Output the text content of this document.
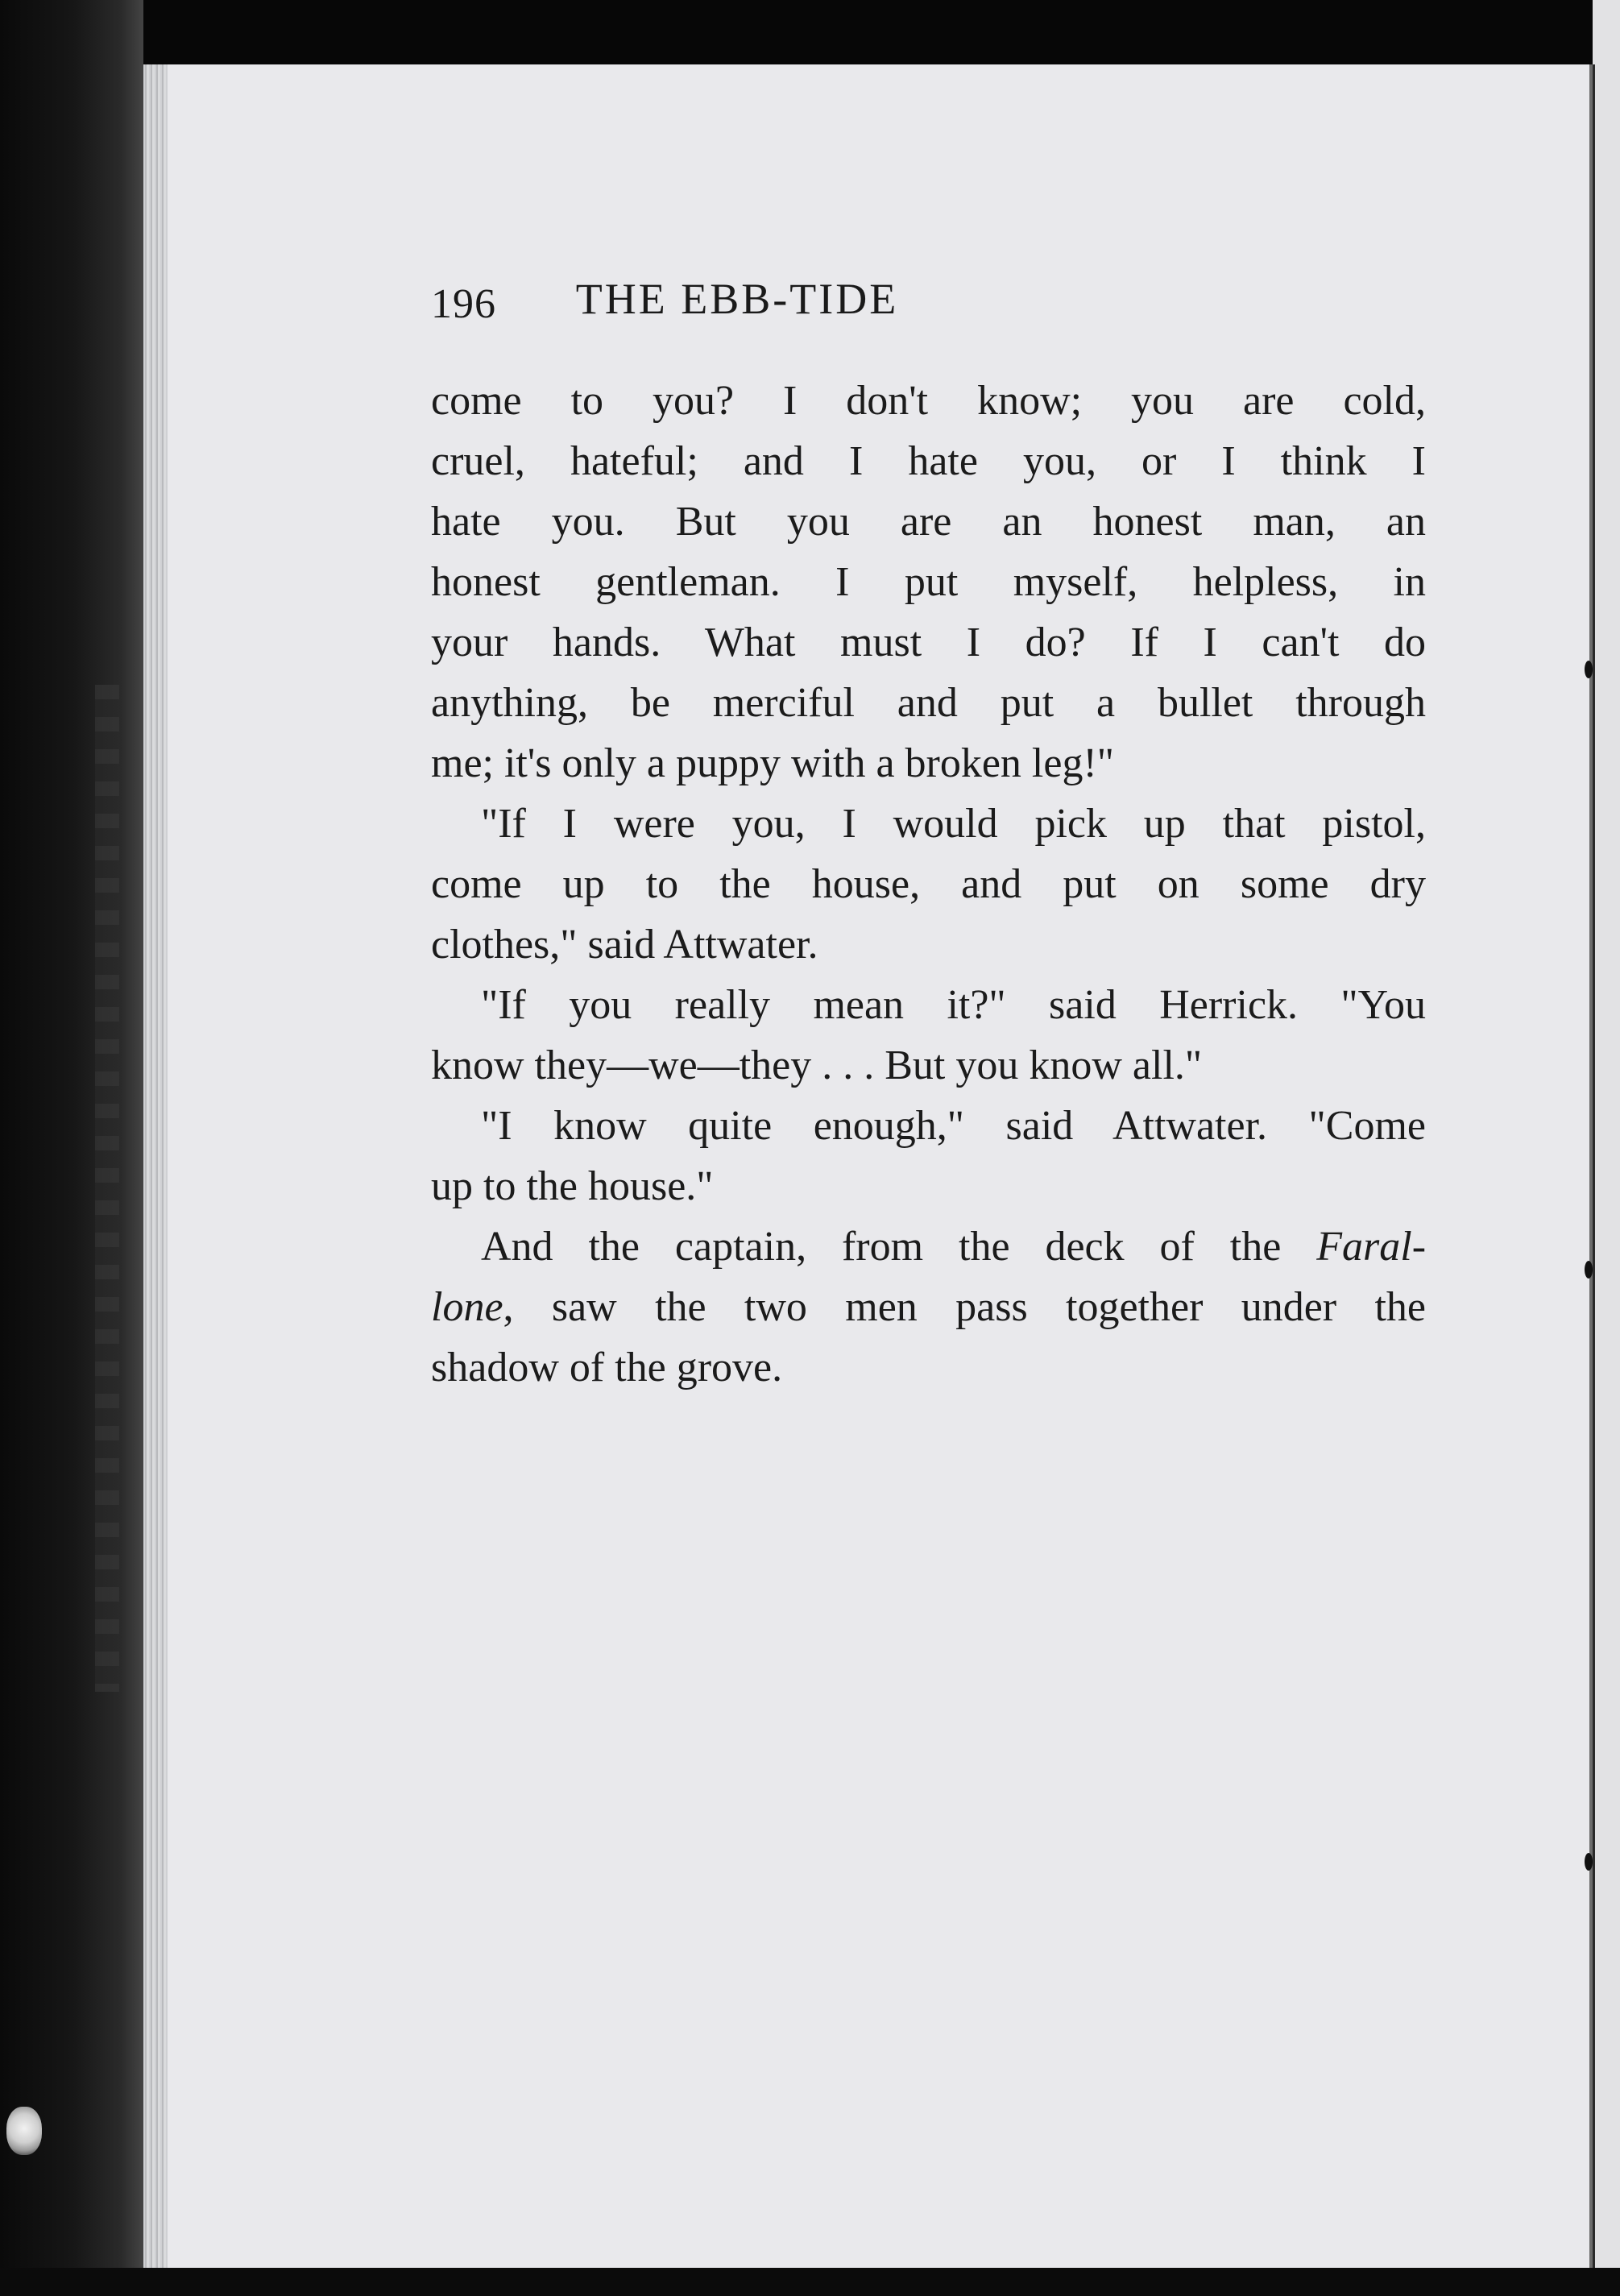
196 THE EBB-TIDE
come to you? I don't know; you are cold,
cruel, hateful; and I hate you, or I think I
hate you. But you are an honest man, an
honest gentleman. I put myself, helpless, in
your hands. What must I do? If I can't do
anything, be merciful and put a bullet through
me; it's only a puppy with a broken leg!"
"If I were you, I would pick up that pistol,
come up to the house, and put on some dry
clothes," said Attwater.
"If you really mean it?" said Herrick. "You
know they—we—they . . . But you know all."
"I know quite enough," said Attwater. "Come
up to the house."
And the captain, from the deck of the Faral-
lone, saw the two men pass together under the
shadow of the grove.
